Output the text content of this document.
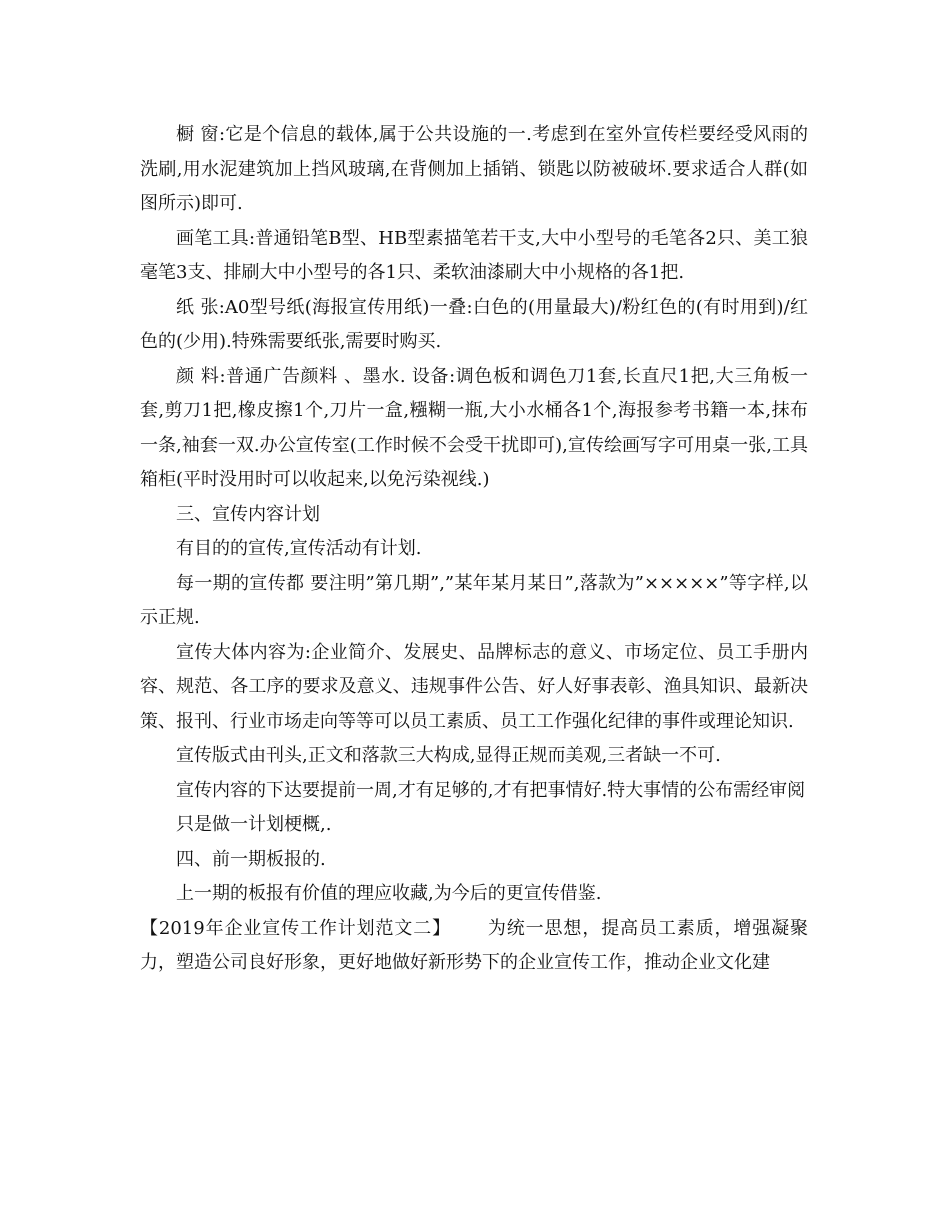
橱 窗:它是个信息的载体,属于公共设施的一.考虑到在室外宣传栏要经受风雨的洗刷,用水泥建筑加上挡风玻璃,在背侧加上插销、锁匙以防被破坏.要求适合人群(如图所示)即可.

画笔工具:普通铅笔B型、HB型素描笔若干支,大中小型号的毛笔各2只、美工狼毫笔3支、排刷大中小型号的各1只、柔软油漆刷大中小规格的各1把.

纸 张:A0型号纸(海报宣传用纸)一叠:白色的(用量最大)/粉红色的(有时用到)/红色的(少用).特殊需要纸张,需要时购买.

颜 料:普通广告颜料 、墨水. 设备:调色板和调色刀1套,长直尺1把,大三角板一套,剪刀1把,橡皮擦1个,刀片一盒,糨糊一瓶,大小水桶各1个,海报参考书籍一本,抹布一条,袖套一双.办公宣传室(工作时候不会受干扰即可),宣传绘画写字可用桌一张,工具箱柜(平时没用时可以收起来,以免污染视线.)

三、宣传内容计划

有目的的宣传,宣传活动有计划.

每一期的宣传都 要注明”第几期”,”某年某月某日”,落款为”×××××”等字样,以示正规.

宣传大体内容为:企业简介、发展史、品牌标志的意义、市场定位、员工手册内容、规范、各工序的要求及意义、违规事件公告、好人好事表彰、渔具知识、最新决策、报刊、行业市场走向等等可以员工素质、员工工作强化纪律的事件或理论知识.

宣传版式由刊头,正文和落款三大构成,显得正规而美观,三者缺一不可.

宣传内容的下达要提前一周,才有足够的,才有把事情好.特大事情的公布需经审阅

只是做一计划梗概,.

四、前一期板报的.

上一期的板报有价值的理应收藏,为今后的更宣传借鉴.

【2019年企业宣传工作计划范文二】 为统一思想，提高员工素质，增强凝聚力，塑造公司良好形象，更好地做好新形势下的企业宣传工作，推动企业文化建
